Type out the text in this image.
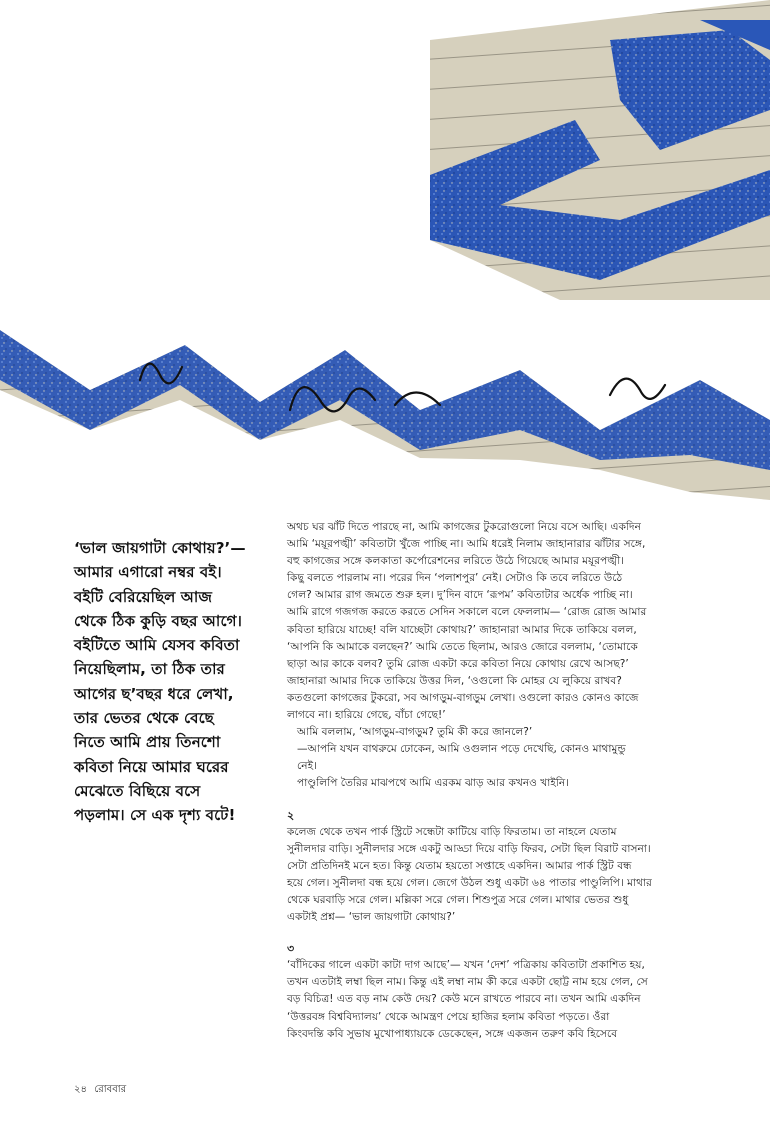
‘ভাল জায়গাটা কোথায়?’—

আমার এগারো নম্বর বই।

বইটি বেরিয়েছিল আজ

থেকে ঠিক কুড়ি বছর আগে।

বইটিতে আমি যেসব কবিতা

নিয়েছিলাম, তা ঠিক তার

আগের ছ’বছর ধরে লেখা,

তার ভেতর থেকে বেছে

নিতে আমি প্রায় তিনশো

কবিতা নিয়ে আমার ঘরের

মেঝেতে বিছিয়ে বসে

পড়লাম। সে এক দৃশ্য বটে!

অথচ ঘর ঝাঁট দিতে পারছে না, আমি কাগজের টুকরোগুলো নিয়ে বসে আছি। একদিন

আমি ‘ময়ূরপঙ্খী’ কবিতাটা খুঁজে পাচ্ছি না। আমি ধরেই নিলাম জাহানারার ঝাঁটার সঙ্গে,

বহু কাগজের সঙ্গে কলকাতা কর্পোরেশনের লরিতে উঠে গিয়েছে আমার ময়ূরপঙ্খী।

কিছু বলতে পারলাম না। পরের দিন ‘পলাশপুর’ নেই। সেটাও কি তবে লরিতে উঠে

গেল? আমার রাগ জমতে শুরু হল। দু’দিন বাদে ‘রূপম’ কবিতাটার অর্ধেক পাচ্ছি না।

আমি রাগে গজগজ করতে করতে সেদিন সকালে বলে ফেললাম— ‘রোজ রোজ আমার

কবিতা হারিয়ে যাচ্ছে! বলি যাচ্ছেটা কোথায়?’ জাহানারা আমার দিকে তাকিয়ে বলল,

‘আপনি কি আমাকে বলছেন?’ আমি তেতে ছিলাম, আরও জোরে বললাম, ‘তোমাকে

ছাড়া আর কাকে বলব? তুমি রোজ একটা করে কবিতা নিয়ে কোথায় রেখে আসছ?’

জাহানারা আমার দিকে তাকিয়ে উত্তর দিল, ‘ওগুলো কি মোহর যে লুকিয়ে রাখব?

কতগুলো কাগজের টুকরো, সব আগড়ুম-বাগড়ুম লেখা। ওগুলো কারও কোনও কাজে

লাগবে না। হারিয়ে গেছে, বাঁচা গেছে!’

আমি বললাম, ‘আগড়ুম-বাগড়ুম? তুমি কী করে জানলে?’

—আপনি যখন বাথরুমে ঢোকেন, আমি ওগুলান পড়ে দেখেছি, কোনও মাথামুন্ডু

নেই।

পাণ্ডুলিপি তৈরির মাঝপথে আমি এরকম ঝাড় আর কখনও খাইনি।

২

কলেজ থেকে তখন পার্ক স্ট্রিটে সন্ধেটা কাটিয়ে বাড়ি ফিরতাম। তা নাহলে যেতাম

সুনীলদার বাড়ি। সুনীলদার সঙ্গে একটু আড্ডা দিয়ে বাড়ি ফিরব, সেটা ছিল বিরাট বাসনা।

সেটা প্রতিদিনই মনে হত। কিন্তু যেতাম হয়তো সপ্তাহে একদিন। আমার পার্ক স্ট্রিট বন্ধ

হয়ে গেল। সুনীলদা বন্ধ হয়ে গেল। জেগে উঠল শুধু একটা ৬৪ পাতার পাণ্ডুলিপি। মাথার

থেকে ঘরবাড়ি সরে গেল। মল্লিকা সরে গেল। শিশুপুত্র সরে গেল। মাথার ভেতর শুধু

একটাই প্রশ্ন— ‘ভাল জায়গাটা কোথায়?’

৩

‘বাঁদিকের গালে একটা কাটা দাগ আছে’— যখন ‘দেশ’ পত্রিকায় কবিতাটা প্রকাশিত হয়,

তখন এতটাই লম্বা ছিল নাম। কিন্তু এই লম্বা নাম কী করে একটা ছোট্ট নাম হয়ে গেল, সে

বড় বিচিত্র! এত বড় নাম কেউ দেয়? কেউ মনে রাখতে পারবে না। তখন আমি একদিন

‘উত্তরবঙ্গ বিশ্ববিদ্যালয়’ থেকে আমন্ত্রণ পেয়ে হাজির হলাম কবিতা পড়তে। ওঁরা

কিংবদন্তি কবি সুভাষ মুখোপাধ্যায়কে ডেকেছেন, সঙ্গে একজন তরুণ কবি হিসেবে

২৪ রোববার
